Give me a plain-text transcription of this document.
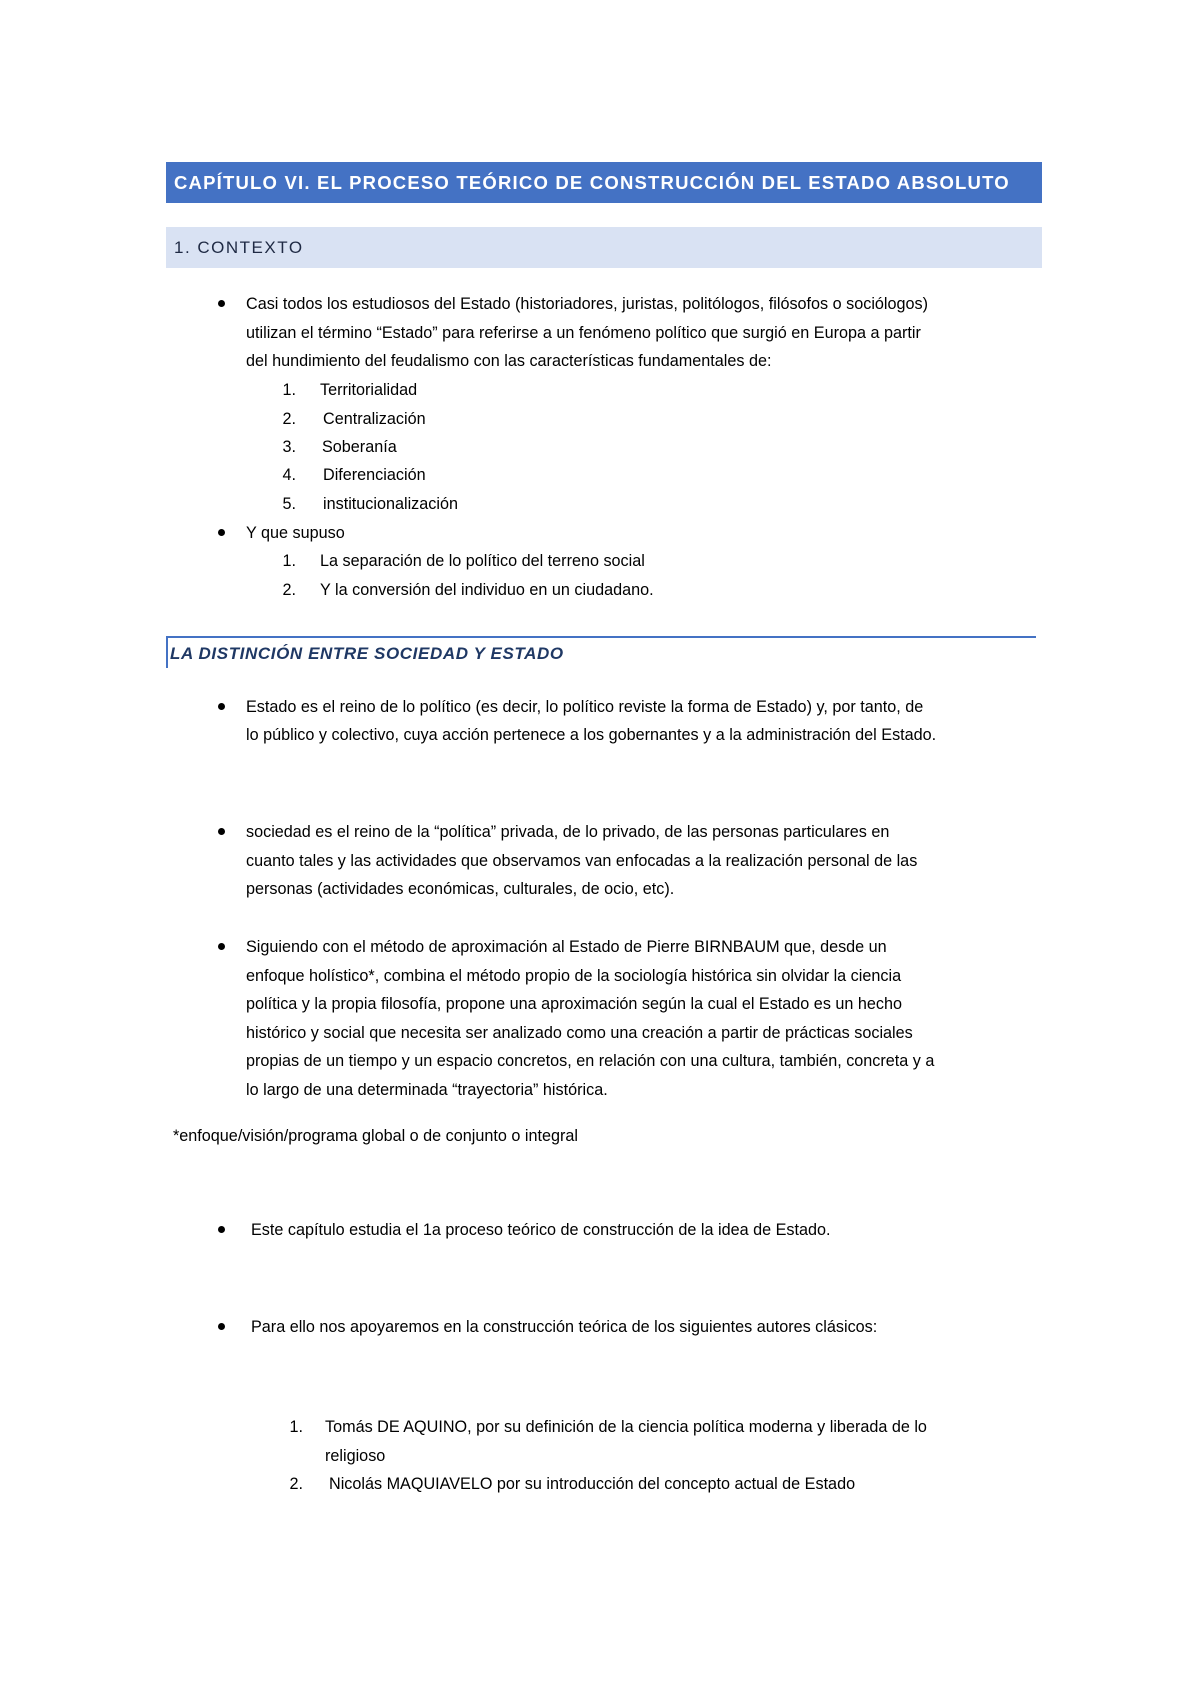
CAPÍTULO VI. EL PROCESO TEÓRICO DE CONSTRUCCIÓN DEL ESTADO ABSOLUTO
1. CONTEXTO
Casi todos los estudiosos del Estado (historiadores, juristas, politólogos, filósofos o sociólogos)
utilizan el término “Estado” para referirse a un fenómeno político que surgió en Europa a partir
del hundimiento del feudalismo con las características fundamentales de:
1. Territorialidad
2. Centralización
3. Soberanía
4. Diferenciación
5. institucionalización
Y que supuso
1. La separación de lo político del terreno social
2. Y la conversión del individuo en un ciudadano.
LA DISTINCIÓN ENTRE SOCIEDAD Y ESTADO
Estado es el reino de lo político (es decir, lo político reviste la forma de Estado) y, por tanto, de
lo público y colectivo, cuya acción pertenece a los gobernantes y a la administración del Estado.
sociedad es el reino de la “política” privada, de lo privado, de las personas particulares en
cuanto tales y las actividades que observamos van enfocadas a la realización personal de las
personas (actividades económicas, culturales, de ocio, etc).
Siguiendo con el método de aproximación al Estado de Pierre BIRNBAUM que, desde un
enfoque holístico*, combina el método propio de la sociología histórica sin olvidar la ciencia
política y la propia filosofía, propone una aproximación según la cual el Estado es un hecho
histórico y social que necesita ser analizado como una creación a partir de prácticas sociales
propias de un tiempo y un espacio concretos, en relación con una cultura, también, concreta y a
lo largo de una determinada “trayectoria” histórica.
*enfoque/visión/programa global o de conjunto o integral
Este capítulo estudia el 1a proceso teórico de construcción de la idea de Estado.
Para ello nos apoyaremos en la construcción teórica de los siguientes autores clásicos:
1. Tomás DE AQUINO, por su definición de la ciencia política moderna y liberada de lo
religioso
2. Nicolás MAQUIAVELO por su introducción del concepto actual de Estado
